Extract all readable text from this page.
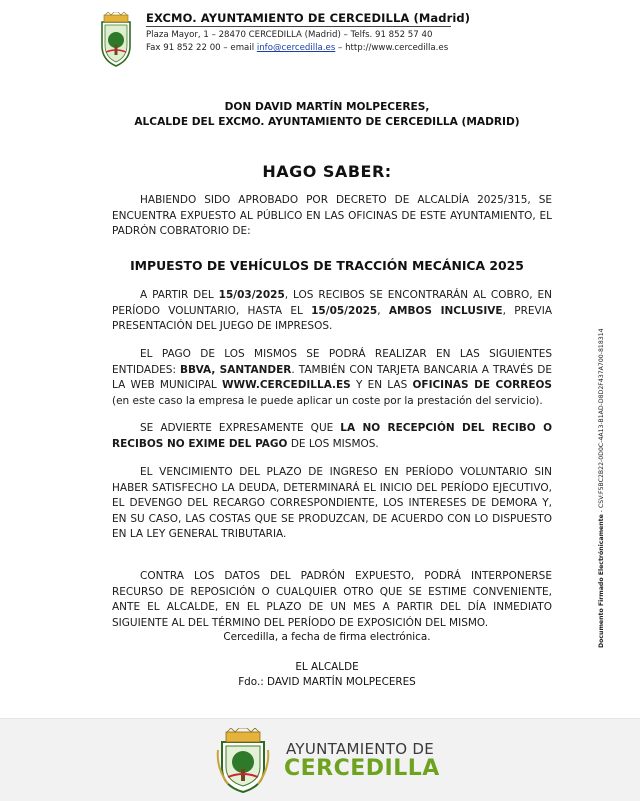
EXCMO. AYUNTAMIENTO DE CERCEDILLA (Madrid)
Plaza Mayor, 1 – 28470 CERCEDILLA (Madrid) – Telfs. 91 852 57 40
Fax 91 852 22 00 – email info@cercedilla.es – http://www.cercedilla.es
DON DAVID MARTÍN MOLPECERES,
ALCALDE DEL EXCMO. AYUNTAMIENTO DE CERCEDILLA (MADRID)
HAGO SABER:
HABIENDO SIDO APROBADO POR DECRETO DE ALCALDÍA 2025/315, SE ENCUENTRA EXPUESTO AL PÚBLICO EN LAS OFICINAS DE ESTE AYUNTAMIENTO, EL PADRÓN COBRATORIO DE:
IMPUESTO DE VEHÍCULOS DE TRACCIÓN MECÁNICA 2025
A PARTIR DEL 15/03/2025, LOS RECIBOS SE ENCONTRARÁN AL COBRO, EN PERÍODO VOLUNTARIO, HASTA EL 15/05/2025, AMBOS INCLUSIVE, PREVIA PRESENTACIÓN DEL JUEGO DE IMPRESOS.
EL PAGO DE LOS MISMOS SE PODRÁ REALIZAR EN LAS SIGUIENTES ENTIDADES: BBVA, SANTANDER. TAMBIÉN CON TARJETA BANCARIA A TRAVÉS DE LA WEB MUNICIPAL WWW.CERCEDILLA.ES Y EN LAS OFICINAS DE CORREOS (en este caso la empresa le puede aplicar un coste por la prestación del servicio).
SE ADVIERTE EXPRESAMENTE QUE LA NO RECEPCIÓN DEL RECIBO O RECIBOS NO EXIME DEL PAGO DE LOS MISMOS.
EL VENCIMIENTO DEL PLAZO DE INGRESO EN PERÍODO VOLUNTARIO SIN HABER SATISFECHO LA DEUDA, DETERMINARÁ EL INICIO DEL PERÍODO EJECUTIVO, EL DEVENGO DEL RECARGO CORRESPONDIENTE, LOS INTERESES DE DEMORA Y, EN SU CASO, LAS COSTAS QUE SE PRODUZCAN, DE ACUERDO CON LO DISPUESTO EN LA LEY GENERAL TRIBUTARIA.
CONTRA LOS DATOS DEL PADRÓN EXPUESTO, PODRÁ INTERPONERSE RECURSO DE REPOSICIÓN O CUALQUIER OTRO QUE SE ESTIME CONVENIENTE, ANTE EL ALCALDE, EN EL PLAZO DE UN MES A PARTIR DEL DÍA INMEDIATO SIGUIENTE AL DEL TÉRMINO DEL PERÍODO DE EXPOSICIÓN DEL MISMO.
Cercedilla, a fecha de firma electrónica.
EL ALCALDE
Fdo.: DAVID MARTÍN MOLPECERES
Documento Firmado Electrónicamente - CSV:F5BC2B22-0D0C-4A13-B1AD-D8D2F437A700-818314
AYUNTAMIENTO DE
CERCEDILLA
